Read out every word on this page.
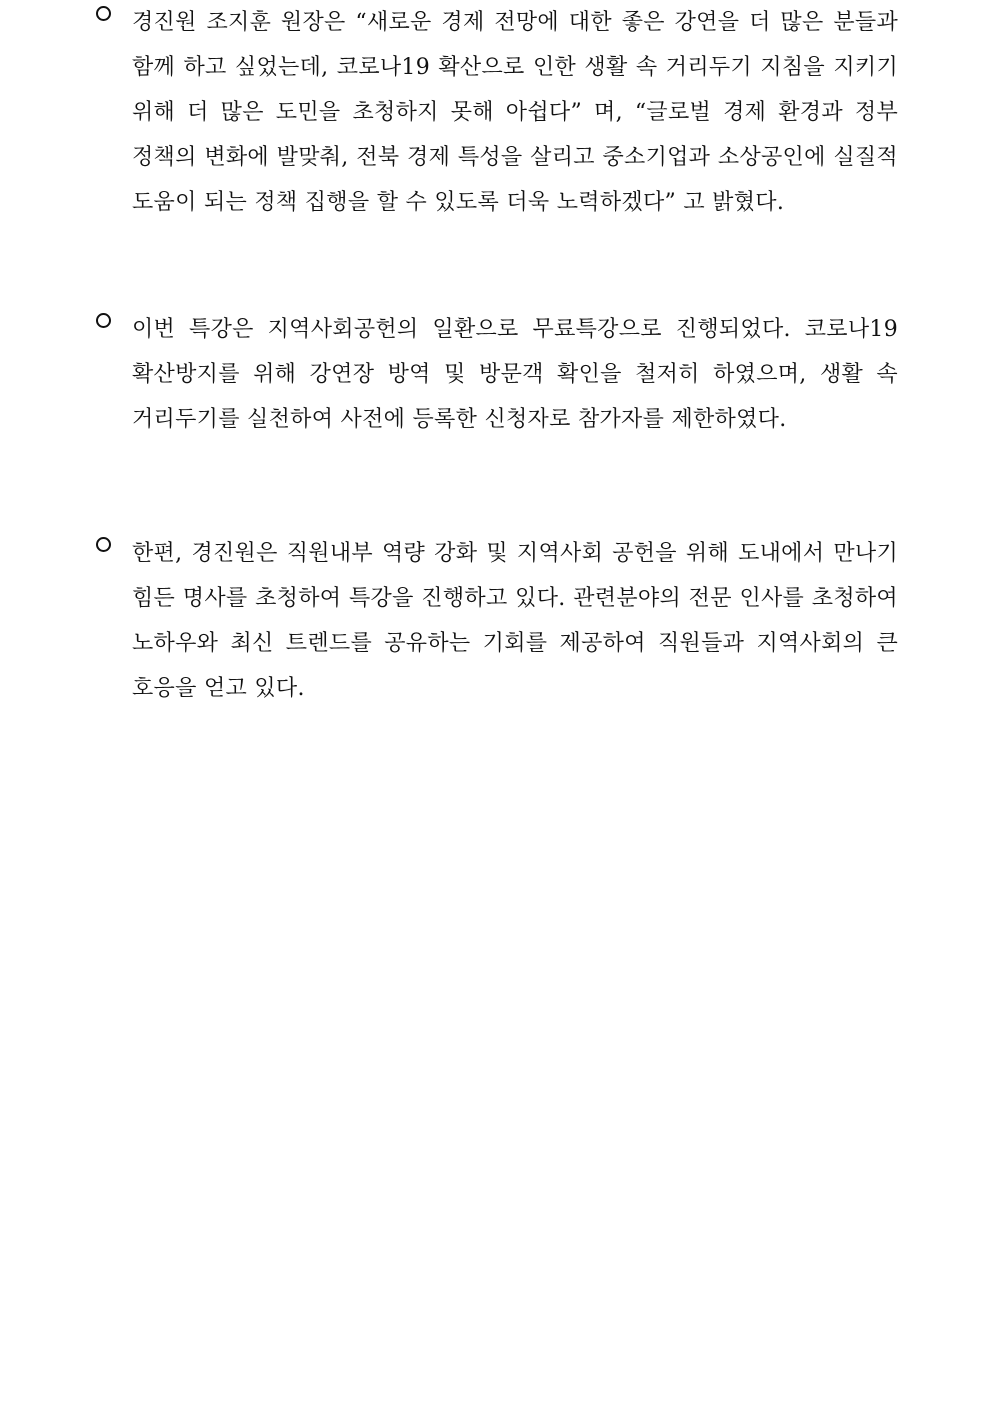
경진원 조지훈 원장은 “새로운 경제 전망에 대한 좋은 강연을 더 많은 분들과 함께 하고 싶었는데, 코로나19 확산으로 인한 생활 속 거리두기 지침을 지키기 위해 더 많은 도민을 초청하지 못해 아쉽다” 며, “글로벌 경제 환경과 정부 정책의 변화에 발맞춰, 전북 경제 특성을 살리고 중소기업과 소상공인에 실질적 도움이 되는 정책 집행을 할 수 있도록 더욱 노력하겠다” 고 밝혔다.

이번 특강은 지역사회공헌의 일환으로 무료특강으로 진행되었다. 코로나19 확산방지를 위해 강연장 방역 및 방문객 확인을 철저히 하였으며, 생활 속 거리두기를 실천하여 사전에 등록한 신청자로 참가자를 제한하였다.

한편, 경진원은 직원내부 역량 강화 및 지역사회 공헌을 위해 도내에서 만나기 힘든 명사를 초청하여 특강을 진행하고 있다. 관련분야의 전문 인사를 초청하여 노하우와 최신 트렌드를 공유하는 기회를 제공하여 직원들과 지역사회의 큰 호응을 얻고 있다.
